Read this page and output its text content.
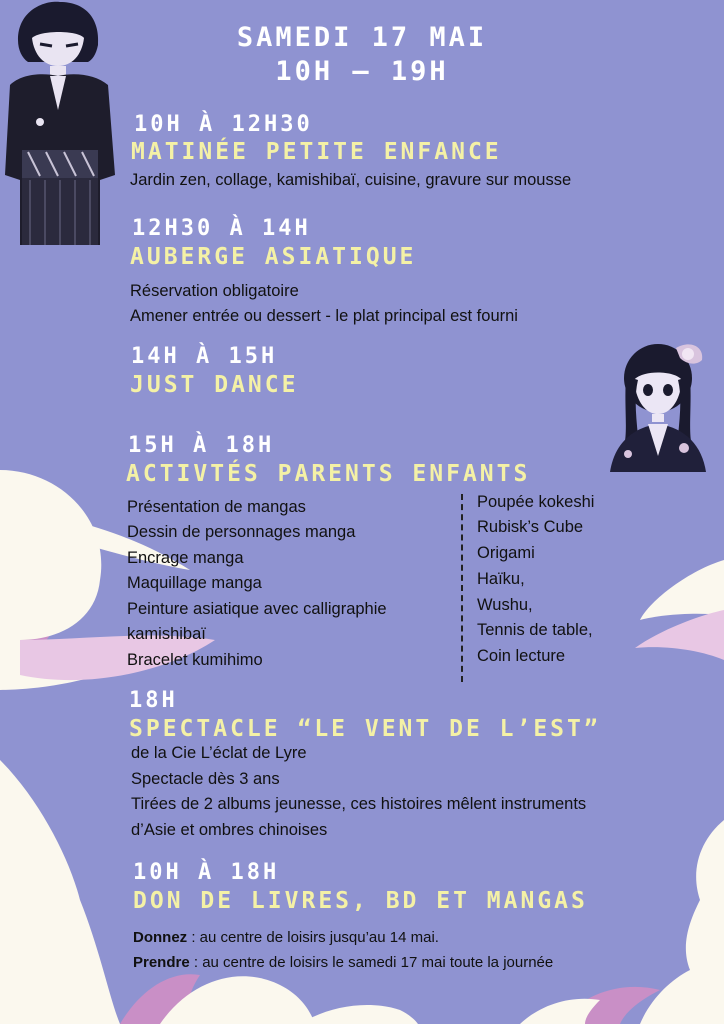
SAMEDI 17 MAI
10H – 19H
10H À 12H30
MATINÉE PETITE ENFANCE
Jardin zen, collage, kamishibaï, cuisine, gravure sur mousse
12H30 À 14H
AUBERGE ASIATIQUE
Réservation obligatoire
Amener entrée ou dessert - le plat principal est fourni
14H À 15H
JUST DANCE
15H À 18H
ACTIVTÉS PARENTS ENFANTS
Présentation de mangas
Dessin de personnages manga
Encrage manga
Maquillage manga
Peinture asiatique avec calligraphie
kamishibaï
Bracelet kumihimo
Poupée kokeshi
Rubisk’s Cube
Origami
Haïku,
Wushu,
Tennis de table,
Coin lecture
18H
SPECTACLE “LE VENT DE L’EST”
de la Cie L’éclat de Lyre
Spectacle dès 3 ans
Tirées de 2 albums jeunesse, ces histoires mêlent instruments
d’Asie et ombres chinoises
10H À 18H
DON DE LIVRES, BD ET MANGAS
Donnez : au centre de loisirs jusqu’au 14 mai.
Prendre : au centre de loisirs le samedi 17 mai toute la journée
